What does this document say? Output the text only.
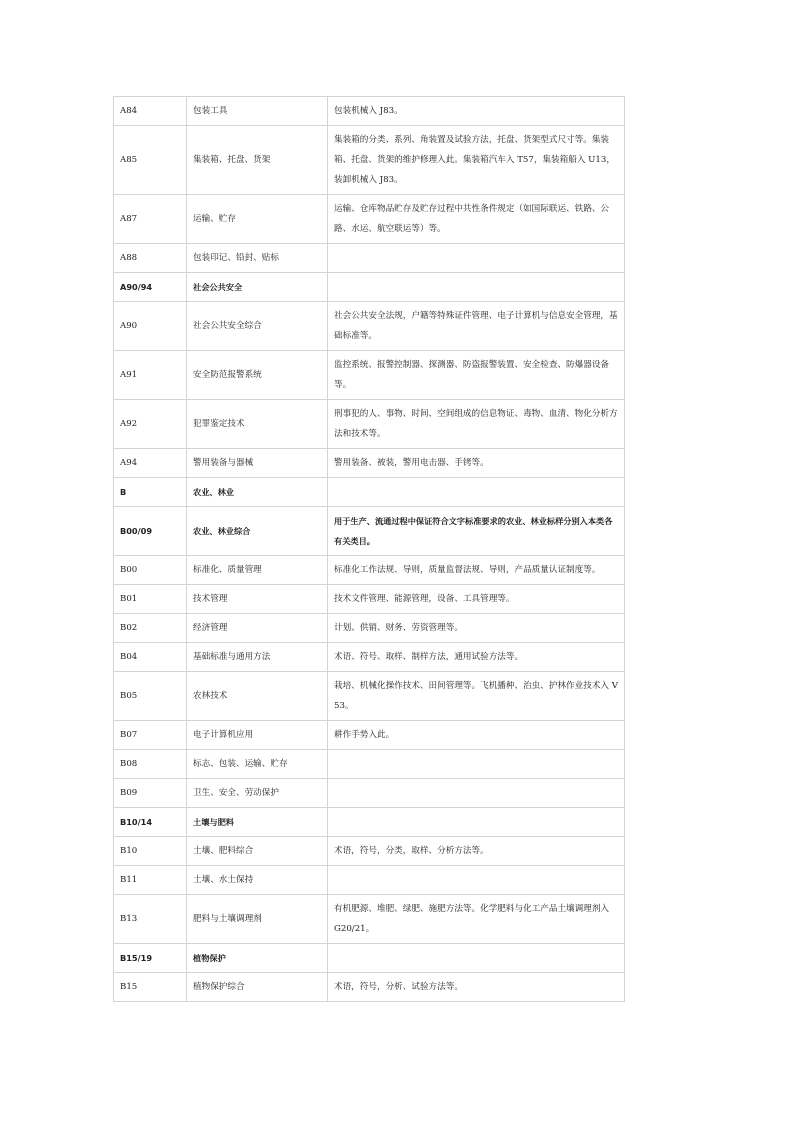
A84	包装工具	包装机械入 J83。
A85	集装箱、托盘、货架	集装箱的分类、系列、角装置及试验方法，托盘、货架型式尺寸等。集装箱、托盘、货架的维护修理入此。集装箱汽车入 T57，集装箱船入 U13，装卸机械入 J83。
A87	运输、贮存	运输、仓库物品贮存及贮存过程中共性条件规定（如国际联运、铁路、公路、水运、航空联运等）等。
A88	包装印记、铅封、贴标	
A90/94	社会公共安全	
A90	社会公共安全综合	社会公共安全法规，户籍等特殊证件管理、电子计算机与信息安全管理，基础标准等。
A91	安全防范报警系统	监控系统、报警控制器、探测器、防盗报警装置、安全检查、防爆器设备等。
A92	犯罪鉴定技术	刑事犯的人、事物、时间、空间组成的信息物证、毒物、血清、物化分析方法和技术等。
A94	警用装备与器械	警用装备、被装，警用电击器、手铐等。
B	农业、林业	
B00/09	农业、林业综合	用于生产、流通过程中保证符合文字标准要求的农业、林业标样分别入本类各有关类目。
B00	标准化、质量管理	标准化工作法规、导则，质量监督法规、导则，产品质量认证制度等。
B01	技术管理	技术文件管理、能源管理，设备、工具管理等。
B02	经济管理	计划、供销、财务、劳资管理等。
B04	基础标准与通用方法	术语、符号、取样、制样方法，通用试验方法等。
B05	农林技术	栽培、机械化操作技术、田间管理等。飞机播种、治虫、护林作业技术入 V53。
B07	电子计算机应用	耕作手势入此。
B08	标志、包装、运输、贮存	
B09	卫生、安全、劳动保护	
B10/14	土壤与肥料	
B10	土壤、肥料综合	术语，符号，分类，取样、分析方法等。
B11	土壤、水土保持	
B13	肥料与土壤调理剂	有机肥源、堆肥、绿肥、施肥方法等。化学肥料与化工产品土壤调理剂入 G20/21。
B15/19	植物保护	
B15	植物保护综合	术语，符号，分析、试验方法等。
